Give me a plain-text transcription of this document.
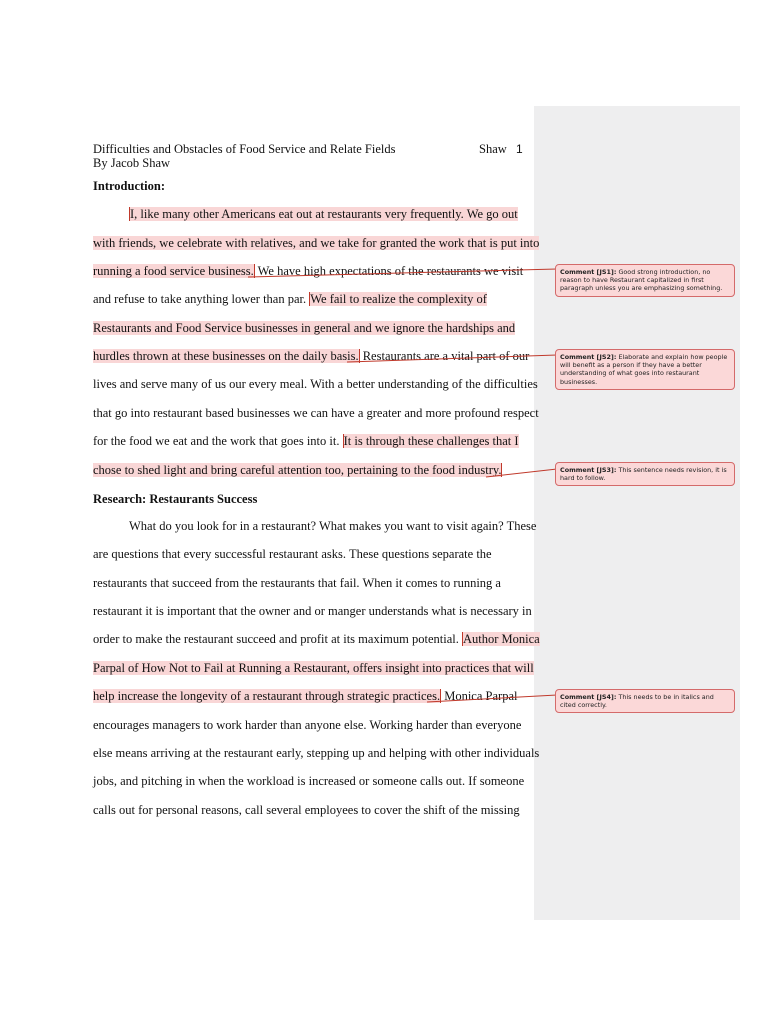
Difficulties and Obstacles of Food Service and Relate Fields
By Jacob Shaw
Shaw 1
Introduction:
I, like many other Americans eat out at restaurants very frequently. We go out
with friends, we celebrate with relatives, and we take for granted the work that is put into
running a food service business. We have high expectations of the restaurants we visit
and refuse to take anything lower than par. We fail to realize the complexity of
Restaurants and Food Service businesses in general and we ignore the hardships and
hurdles thrown at these businesses on the daily basis. Restaurants are a vital part of our
lives and serve many of us our every meal. With a better understanding of the difficulties
that go into restaurant based businesses we can have a greater and more profound respect
for the food we eat and the work that goes into it. It is through these challenges that I
chose to shed light and bring careful attention too, pertaining to the food industry.
Research: Restaurants Success
What do you look for in a restaurant? What makes you want to visit again? These
are questions that every successful restaurant asks. These questions separate the
restaurants that succeed from the restaurants that fail. When it comes to running a
restaurant it is important that the owner and or manger understands what is necessary in
order to make the restaurant succeed and profit at its maximum potential. Author Monica
Parpal of How Not to Fail at Running a Restaurant, offers insight into practices that will
help increase the longevity of a restaurant through strategic practices. Monica Parpal
encourages managers to work harder than anyone else. Working harder than everyone
else means arriving at the restaurant early, stepping up and helping with other individuals
jobs, and pitching in when the workload is increased or someone calls out. If someone
calls out for personal reasons, call several employees to cover the shift of the missing
Comment [JS1]: Good strong introduction, no reason to have Restaurant capitalized in first paragraph unless you are emphasizing something.
Comment [JS2]: Elaborate and explain how people will benefit as a person if they have a better understanding of what goes into restaurant businesses.
Comment [JS3]: This sentence needs revision, it is hard to follow.
Comment [JS4]: This needs to be in italics and cited correctly.
